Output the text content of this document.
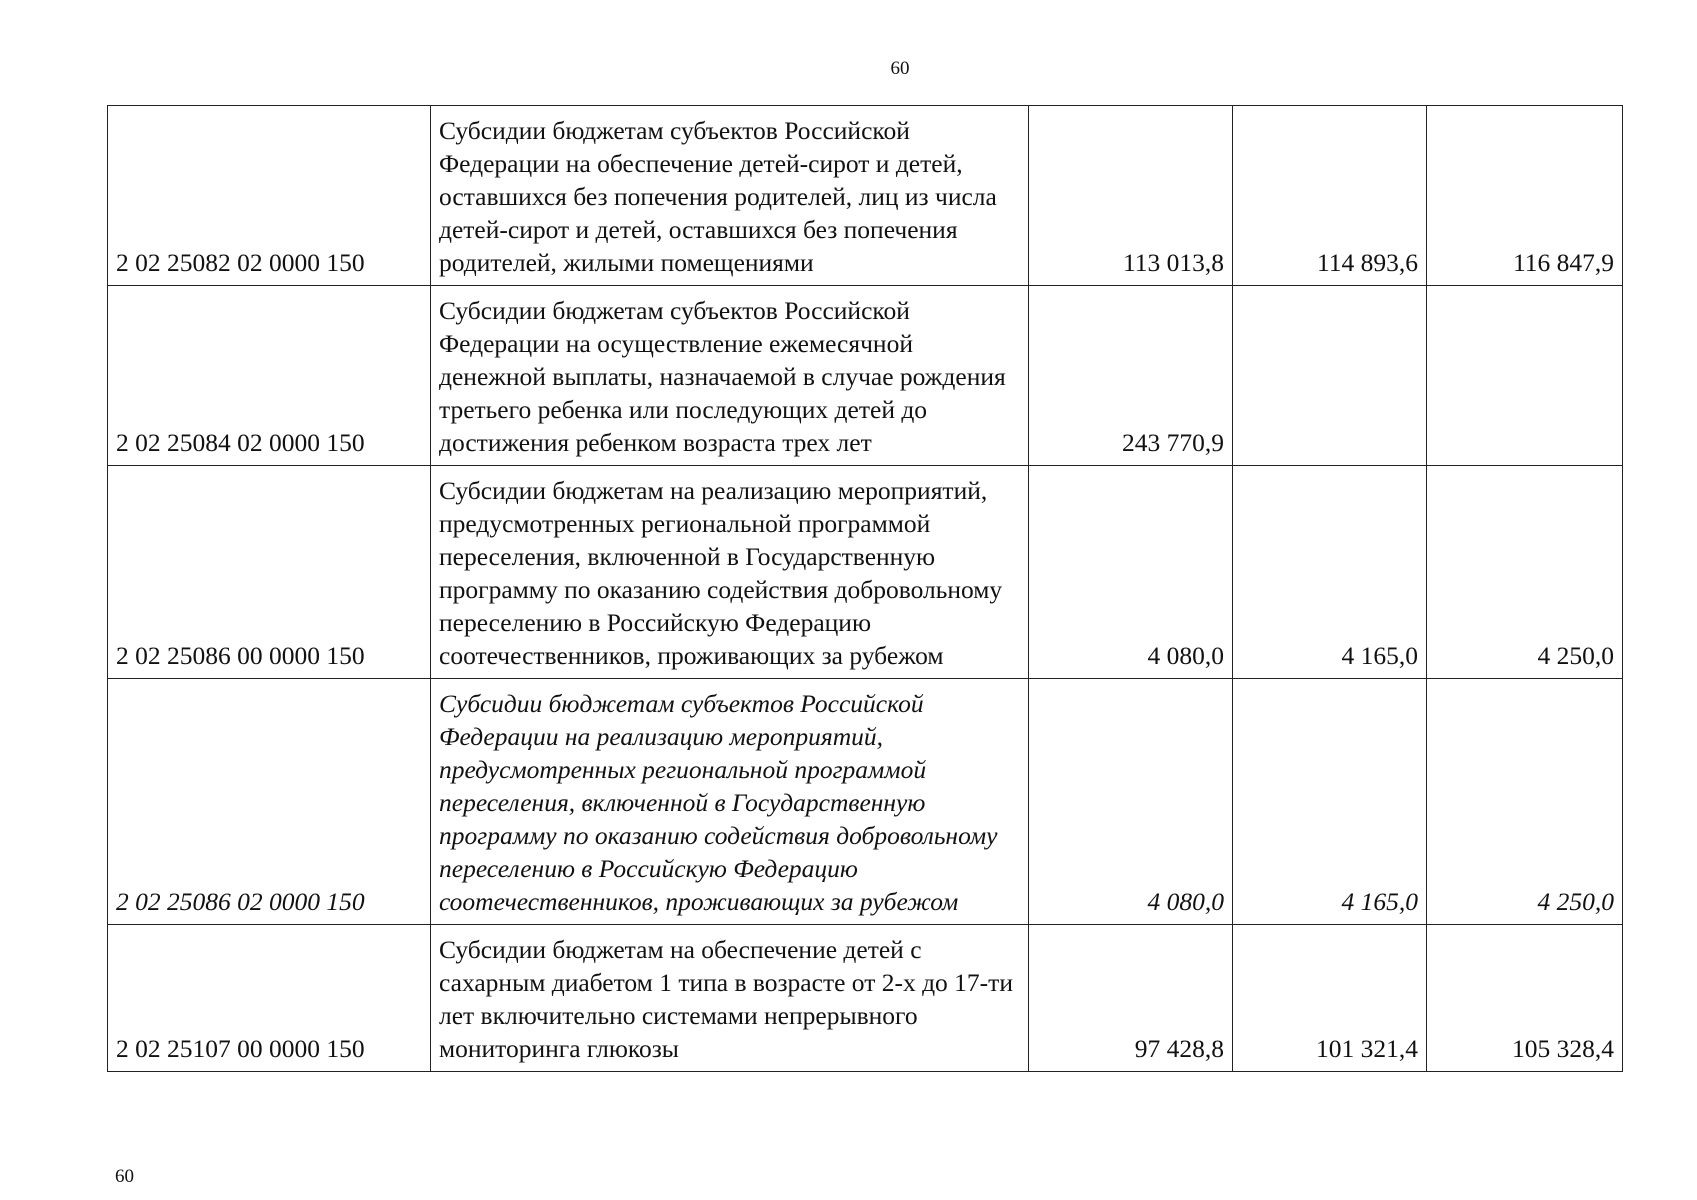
60
2 02 25082 02 0000 150	Субсидии бюджетам субъектов Российской Федерации на обеспечение детей-сирот и детей, оставшихся без попечения родителей, лиц из числа детей-сирот и детей, оставшихся без попечения родителей, жилыми помещениями	113 013,8	114 893,6	116 847,9
2 02 25084 02 0000 150	Субсидии бюджетам субъектов Российской Федерации на осуществление ежемесячной денежной выплаты, назначаемой в случае рождения третьего ребенка или последующих детей до достижения ребенком возраста трех лет	243 770,9		
2 02 25086 00 0000 150	Субсидии бюджетам на реализацию мероприятий, предусмотренных региональной программой переселения, включенной в Государственную программу по оказанию содействия добровольному переселению в Российскую Федерацию соотечественников, проживающих за рубежом	4 080,0	4 165,0	4 250,0
2 02 25086 02 0000 150	Субсидии бюджетам субъектов Российской Федерации на реализацию мероприятий, предусмотренных региональной программой переселения, включенной в Государственную программу по оказанию содействия добровольному переселению в Российскую Федерацию соотечественников, проживающих за рубежом	4 080,0	4 165,0	4 250,0
2 02 25107 00 0000 150	Субсидии бюджетам на обеспечение детей с сахарным диабетом 1 типа в возрасте от 2-х до 17-ти лет включительно системами непрерывного мониторинга глюкозы	97 428,8	101 321,4	105 328,4
60
